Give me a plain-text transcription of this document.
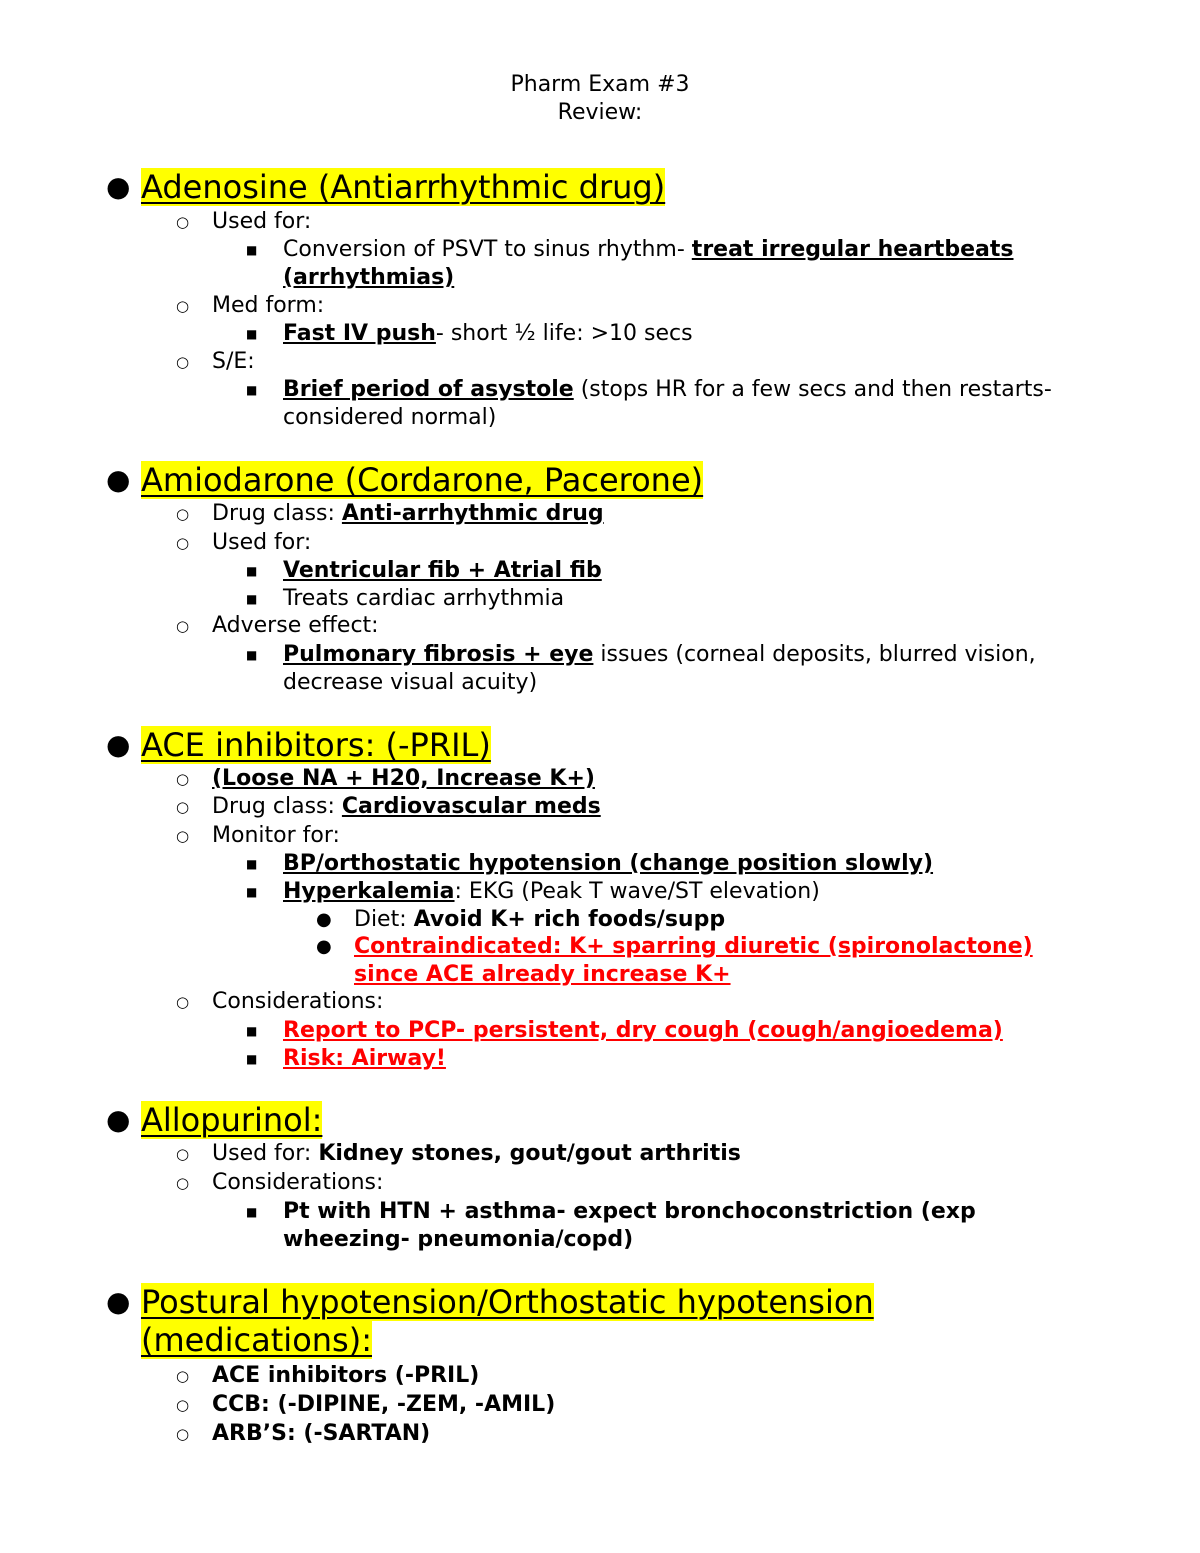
Pharm Exam #3
Review:
● Adenosine (Antiarrhythmic drug)
○ Used for:
■ Conversion of PSVT to sinus rhythm- treat irregular heartbeats
(arrhythmias)
○ Med form:
■ Fast IV push- short ½ life: >10 secs
○ S/E:
■ Brief period of asystole (stops HR for a few secs and then restarts-
considered normal)
● Amiodarone (Cordarone, Pacerone)
○ Drug class: Anti-arrhythmic drug
○ Used for:
■ Ventricular fib + Atrial fib
■ Treats cardiac arrhythmia
○ Adverse effect:
■ Pulmonary fibrosis + eye issues (corneal deposits, blurred vision,
decrease visual acuity)
● ACE inhibitors: (-PRIL)
○ (Loose NA + H20, Increase K+)
○ Drug class: Cardiovascular meds
○ Monitor for:
■ BP/orthostatic hypotension (change position slowly)
■ Hyperkalemia: EKG (Peak T wave/ST elevation)
● Diet: Avoid K+ rich foods/supp
● Contraindicated: K+ sparring diuretic (spironolactone)
since ACE already increase K+
○ Considerations:
■ Report to PCP- persistent, dry cough (cough/angioedema)
■ Risk: Airway!
● Allopurinol:
○ Used for: Kidney stones, gout/gout arthritis
○ Considerations:
■ Pt with HTN + asthma- expect bronchoconstriction (exp
wheezing- pneumonia/copd)
● Postural hypotension/Orthostatic hypotension
(medications):
○ ACE inhibitors (-PRIL)
○ CCB: (-DIPINE, -ZEM, -AMIL)
○ ARB’S: (-SARTAN)
